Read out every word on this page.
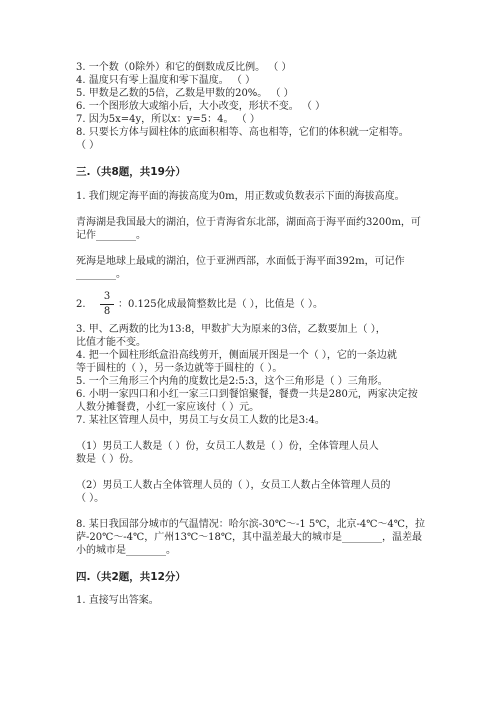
3. 一个数（0除外）和它的倒数成反比例。 （ ）
4. 温度只有零上温度和零下温度。 （ ）
5. 甲数是乙数的5倍，乙数是甲数的20%。 （ ）
6. 一个图形放大或缩小后，大小改变，形状不变。 （ ）
7. 因为5x=4y，所以x：y=5：4。 （ ）
8. 只要长方体与圆柱体的底面积相等、高也相等，它们的体积就一定相等。
（ ）
三.（共8题，共19分）
1. 我们规定海平面的海拔高度为0m，用正数或负数表示下面的海拔高度。
青海湖是我国最大的湖泊，位于青海省东北部，湖面高于海平面约3200m，可
记作________。
死海是地球上最咸的湖泊，位于亚洲西部，水面低于海平面392m，可记作
________。
2.
3
8
：0.125化成最简整数比是（ ），比值是（ ）。
3. 甲、乙两数的比为13:8，甲数扩大为原来的3倍，乙数要加上（ ），
比值才能不变。
4. 把一个圆柱形纸盒沿高线剪开，侧面展开图是一个（ ），它的一条边就
等于圆柱的（ ），另一条边就等于圆柱的（ ）。
5. 一个三角形三个内角的度数比是2:5:3，这个三角形是（ ）三角形。
6. 小明一家四口和小红一家三口到餐馆聚餐，餐费一共是280元，两家决定按
人数分摊餐费，小红一家应该付（ ）元。
7. 某社区管理人员中，男员工与女员工人数的比是3:4。
（1）男员工人数是（ ）份，女员工人数是（ ）份，全体管理人员人
数是（ ）份。
（2）男员工人数占全体管理人员的（ ），女员工人数占全体管理人员的
（ ）。
8. 某日我国部分城市的气温情况：哈尔滨-30℃～-1 5℃，北京-4℃～4℃，拉
萨-20℃～-4℃，广州13℃～18℃，其中温差最大的城市是________，温差最
小的城市是________。
四.（共2题，共12分）
1. 直接写出答案。
